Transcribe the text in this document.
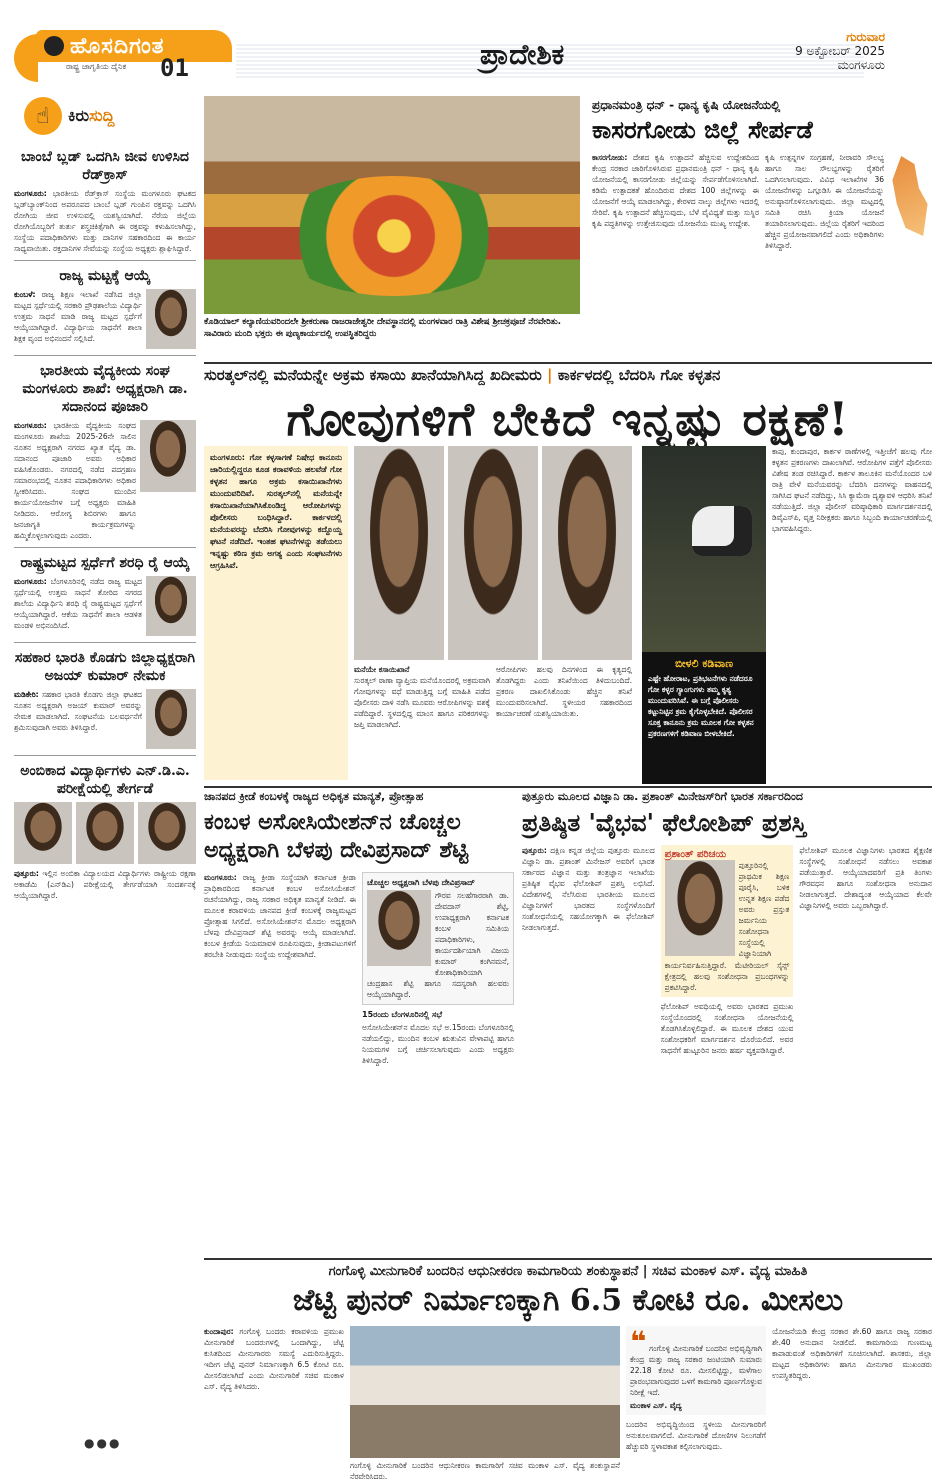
ಹೊಸದಿಗಂತ
ರಾಷ್ಟ್ರ ಜಾಗೃತಿಯ ದೈನಿಕ 01	ಪ್ರಾದೇಶಿಕ
ಗುರುವಾರ
9 ಅಕ್ಟೋಬರ್ 2025
ಮಂಗಳೂರು
☝	ಕಿರುಸುದ್ದಿ
ಬಾಂಬೆ ಬ್ಲಡ್ ಒದಗಿಸಿ ಜೀವ ಉಳಿಸಿದ ರೆಡ್‌ಕ್ರಾಸ್

ಮಂಗಳೂರು: ಭಾರತೀಯ ರೆಡ್‌ಕ್ರಾಸ್ ಸಂಸ್ಥೆಯ ಮಂಗಳೂರು ಘಟಕದ ಬ್ಲಡ್‌ಬ್ಯಾಂಕ್‌ನಿಂದ ಅಪರೂಪದ ಬಾಂಬೆ ಬ್ಲಡ್ ಗುಂಪಿನ ರಕ್ತವನ್ನು ಒದಗಿಸಿ ರೋಗಿಯ ಜೀವ ಉಳಿಸುವಲ್ಲಿ ಯಶಸ್ವಿಯಾಗಿದೆ. ನೆರೆಯ ಜಿಲ್ಲೆಯ ರೋಗಿಯೊಬ್ಬರಿಗೆ ತುರ್ತು ಶಸ್ತ್ರಚಿಕಿತ್ಸೆಗಾಗಿ ಈ ರಕ್ತವನ್ನು ಕಳುಹಿಸಲಾಗಿದ್ದು, ಸಂಸ್ಥೆಯ ಪದಾಧಿಕಾರಿಗಳು ಮತ್ತು ದಾನಿಗಳ ಸಹಕಾರದಿಂದ ಈ ಕಾರ್ಯ ಸಾಧ್ಯವಾಯಿತು. ರಕ್ತದಾನಿಗಳ ಸೇವೆಯನ್ನು ಸಂಸ್ಥೆಯ ಅಧ್ಯಕ್ಷರು ಶ್ಲಾಘಿಸಿದ್ದಾರೆ.

ರಾಜ್ಯ ಮಟ್ಟಕ್ಕೆ ಆಯ್ಕೆ

ಕುಂಬಳೆ: ರಾಜ್ಯ ಶಿಕ್ಷಣ ಇಲಾಖೆ ನಡೆಸಿದ ಜಿಲ್ಲಾ ಮಟ್ಟದ ಸ್ಪರ್ಧೆಯಲ್ಲಿ ಸರಕಾರಿ ಪ್ರೌಢಶಾಲೆಯ ವಿದ್ಯಾರ್ಥಿ ಉತ್ತಮ ಸಾಧನೆ ಮಾಡಿ ರಾಜ್ಯ ಮಟ್ಟದ ಸ್ಪರ್ಧೆಗೆ ಆಯ್ಕೆಯಾಗಿದ್ದಾರೆ. ವಿದ್ಯಾರ್ಥಿಯ ಸಾಧನೆಗೆ ಶಾಲಾ ಶಿಕ್ಷಕ ವೃಂದ ಅಭಿನಂದನೆ ಸಲ್ಲಿಸಿದೆ.

ಭಾರತೀಯ ವೈದ್ಯಕೀಯ ಸಂಘ ಮಂಗಳೂರು ಶಾಖೆ: ಅಧ್ಯಕ್ಷರಾಗಿ ಡಾ. ಸದಾನಂದ ಪೂಜಾರಿ

ಮಂಗಳೂರು: ಭಾರತೀಯ ವೈದ್ಯಕೀಯ ಸಂಘದ ಮಂಗಳೂರು ಶಾಖೆಯ 2025-26ನೇ ಸಾಲಿನ ನೂತನ ಅಧ್ಯಕ್ಷರಾಗಿ ನಗರದ ಖ್ಯಾತ ವೈದ್ಯ ಡಾ. ಸದಾನಂದ ಪೂಜಾರಿ ಅವರು ಅಧಿಕಾರ ವಹಿಸಿಕೊಂಡರು. ನಗರದಲ್ಲಿ ನಡೆದ ಪದಗ್ರಹಣ ಸಮಾರಂಭದಲ್ಲಿ ನೂತನ ಪದಾಧಿಕಾರಿಗಳು ಅಧಿಕಾರ ಸ್ವೀಕರಿಸಿದರು. ಸಂಘದ ಮುಂದಿನ ಕಾರ್ಯಯೋಜನೆಗಳ ಬಗ್ಗೆ ಅಧ್ಯಕ್ಷರು ಮಾಹಿತಿ ನೀಡಿದರು. ಆರೋಗ್ಯ ಶಿಬಿರಗಳು ಹಾಗೂ ಜನಜಾಗೃತಿ ಕಾರ್ಯಕ್ರಮಗಳನ್ನು ಹಮ್ಮಿಕೊಳ್ಳಲಾಗುವುದು ಎಂದರು.

ರಾಷ್ಟ್ರಮಟ್ಟದ ಸ್ಪರ್ಧೆಗೆ ಶರಧಿ ರೈ ಆಯ್ಕೆ

ಮಂಗಳೂರು: ಬೆಂಗಳೂರಿನಲ್ಲಿ ನಡೆದ ರಾಜ್ಯ ಮಟ್ಟದ ಸ್ಪರ್ಧೆಯಲ್ಲಿ ಉತ್ತಮ ಸಾಧನೆ ತೋರಿದ ನಗರದ ಶಾಲೆಯ ವಿದ್ಯಾರ್ಥಿನಿ ಶರಧಿ ರೈ ರಾಷ್ಟ್ರಮಟ್ಟದ ಸ್ಪರ್ಧೆಗೆ ಆಯ್ಕೆಯಾಗಿದ್ದಾರೆ. ಆಕೆಯ ಸಾಧನೆಗೆ ಶಾಲಾ ಆಡಳಿತ ಮಂಡಳಿ ಅಭಿನಂದಿಸಿದೆ.

ಸಹಕಾರ ಭಾರತಿ ಕೊಡಗು ಜಿಲ್ಲಾಧ್ಯಕ್ಷರಾಗಿ ಅಜಯ್ ಕುಮಾರ್ ನೇಮಕ

ಮಡಿಕೇರಿ: ಸಹಕಾರ ಭಾರತಿ ಕೊಡಗು ಜಿಲ್ಲಾ ಘಟಕದ ನೂತನ ಅಧ್ಯಕ್ಷರಾಗಿ ಅಜಯ್ ಕುಮಾರ್ ಅವರನ್ನು ನೇಮಕ ಮಾಡಲಾಗಿದೆ. ಸಂಘಟನೆಯ ಬಲವರ್ಧನೆಗೆ ಶ್ರಮಿಸುವುದಾಗಿ ಅವರು ತಿಳಿಸಿದ್ದಾರೆ.

ಅಂಬಿಕಾದ ವಿದ್ಯಾರ್ಥಿಗಳು ಎನ್.ಡಿ.ಎ. ಪರೀಕ್ಷೆಯಲ್ಲಿ ತೇರ್ಗಡೆ

ಪುತ್ತೂರು: ಇಲ್ಲಿನ ಅಂಬಿಕಾ ವಿದ್ಯಾಲಯದ ವಿದ್ಯಾರ್ಥಿಗಳು ರಾಷ್ಟ್ರೀಯ ರಕ್ಷಣಾ ಅಕಾಡೆಮಿ (ಎನ್‌ಡಿಎ) ಪರೀಕ್ಷೆಯಲ್ಲಿ ತೇರ್ಗಡೆಯಾಗಿ ಸಂದರ್ಶನಕ್ಕೆ ಆಯ್ಕೆಯಾಗಿದ್ದಾರೆ.

●●●
ಕೊಡಿಯಾಲ್ ಕಲ್ಯಾಣಿಯವರಿಂದಲೇ ಶ್ರೀಕರುಣಾ ರಾಜರಾಜೇಶ್ವರೀ ದೇವಸ್ಥಾನದಲ್ಲಿ ಮಂಗಳವಾರ ರಾತ್ರಿ ವಿಶೇಷ ಶ್ರೀಚಕ್ರಪೂಜೆ ನೆರವೇರಿತು. ಸಾವಿರಾರು ಮಂದಿ ಭಕ್ತರು ಈ ಪುಣ್ಯಕಾರ್ಯದಲ್ಲಿ ಉಪಸ್ಥಿತರಿದ್ದರು
ಪ್ರಧಾನಮಂತ್ರಿ ಧನ್ - ಧಾನ್ಯ ಕೃಷಿ ಯೋಜನೆಯಲ್ಲಿ
ಕಾಸರಗೋಡು ಜಿಲ್ಲೆ ಸೇರ್ಪಡೆ

ಕಾಸರಗೋಡು: ದೇಶದ ಕೃಷಿ ಉತ್ಪಾದನೆ ಹೆಚ್ಚಿಸುವ ಉದ್ದೇಶದಿಂದ ಕೇಂದ್ರ ಸರಕಾರ ಜಾರಿಗೊಳಿಸಿರುವ ಪ್ರಧಾನಮಂತ್ರಿ ಧನ್ - ಧಾನ್ಯ ಕೃಷಿ ಯೋಜನೆಯಲ್ಲಿ ಕಾಸರಗೋಡು ಜಿಲ್ಲೆಯನ್ನು ಸೇರ್ಪಡೆಗೊಳಿಸಲಾಗಿದೆ. ಕಡಿಮೆ ಉತ್ಪಾದಕತೆ ಹೊಂದಿರುವ ದೇಶದ 100 ಜಿಲ್ಲೆಗಳನ್ನು ಈ ಯೋಜನೆಗೆ ಆಯ್ಕೆ ಮಾಡಲಾಗಿದ್ದು, ಕೇರಳದ ನಾಲ್ಕು ಜಿಲ್ಲೆಗಳು ಇದರಲ್ಲಿ ಸೇರಿವೆ. ಕೃಷಿ ಉತ್ಪಾದನೆ ಹೆಚ್ಚಿಸುವುದು, ಬೆಳೆ ವೈವಿಧ್ಯತೆ ಮತ್ತು ಸುಸ್ಥಿರ ಕೃಷಿ ಪದ್ಧತಿಗಳನ್ನು ಉತ್ತೇಜಿಸುವುದು ಯೋಜನೆಯ ಮುಖ್ಯ ಉದ್ದೇಶ.

ಕೃಷಿ ಉತ್ಪನ್ನಗಳ ಸಂಗ್ರಹಣೆ, ನೀರಾವರಿ ಸೌಲಭ್ಯ ಹಾಗೂ ಸಾಲ ಸೌಲಭ್ಯಗಳನ್ನು ರೈತರಿಗೆ ಒದಗಿಸಲಾಗುವುದು. ವಿವಿಧ ಇಲಾಖೆಗಳ 36 ಯೋಜನೆಗಳನ್ನು ಒಗ್ಗೂಡಿಸಿ ಈ ಯೋಜನೆಯನ್ನು ಅನುಷ್ಠಾನಗೊಳಿಸಲಾಗುವುದು. ಜಿಲ್ಲಾ ಮಟ್ಟದಲ್ಲಿ ಸಮಿತಿ ರಚಿಸಿ ಕ್ರಿಯಾ ಯೋಜನೆ ತಯಾರಿಸಲಾಗುವುದು. ಜಿಲ್ಲೆಯ ರೈತರಿಗೆ ಇದರಿಂದ ಹೆಚ್ಚಿನ ಪ್ರಯೋಜನವಾಗಲಿದೆ ಎಂದು ಅಧಿಕಾರಿಗಳು ತಿಳಿಸಿದ್ದಾರೆ.

ಸುರತ್ಕಲ್‌ನಲ್ಲಿ ಮನೆಯನ್ನೇ ಅಕ್ರಮ ಕಸಾಯಿ ಖಾನೆಯಾಗಿಸಿದ್ದ ಖದೀಮರು | ಕಾರ್ಕಳದಲ್ಲಿ ಬೆದರಿಸಿ ಗೋ ಕಳ್ಳತನ
ಗೋವುಗಳಿಗೆ ಬೇಕಿದೆ ಇನ್ನಷ್ಟು ರಕ್ಷಣೆ!
ಮಂಗಳೂರು: ಗೋ ಕಳ್ಳಸಾಗಣೆ ನಿಷೇಧ ಕಾನೂನು ಜಾರಿಯಲ್ಲಿದ್ದರೂ ಕೂಡ ಕರಾವಳಿಯ ಹಲವೆಡೆ ಗೋ ಕಳ್ಳತನ ಹಾಗೂ ಅಕ್ರಮ ಕಸಾಯಿಖಾನೆಗಳು ಮುಂದುವರಿದಿವೆ. ಸುರತ್ಕಲ್‌ನಲ್ಲಿ ಮನೆಯನ್ನೇ ಕಸಾಯಿಖಾನೆಯಾಗಿಸಿಕೊಂಡಿದ್ದ ಆರೋಪಿಗಳನ್ನು ಪೊಲೀಸರು ಬಂಧಿಸಿದ್ದಾರೆ. ಕಾರ್ಕಳದಲ್ಲಿ ಮನೆಯವರನ್ನು ಬೆದರಿಸಿ ಗೋವುಗಳನ್ನು ಕದ್ದೊಯ್ದ ಘಟನೆ ನಡೆದಿದೆ. ಇಂತಹ ಘಟನೆಗಳನ್ನು ತಡೆಯಲು ಇನ್ನಷ್ಟು ಕಠಿಣ ಕ್ರಮ ಅಗತ್ಯ ಎಂದು ಸಂಘಟನೆಗಳು ಆಗ್ರಹಿಸಿವೆ.
ಮನೆಯೇ ಕಸಾಯಿಖಾನೆ
ಸುರತ್ಕಲ್ ಠಾಣಾ ವ್ಯಾಪ್ತಿಯ ಮನೆಯೊಂದರಲ್ಲಿ ಅಕ್ರಮವಾಗಿ ಗೋವುಗಳನ್ನು ವಧೆ ಮಾಡುತ್ತಿದ್ದ ಬಗ್ಗೆ ಮಾಹಿತಿ ಪಡೆದ ಪೊಲೀಸರು ದಾಳಿ ನಡೆಸಿ ಮೂವರು ಆರೋಪಿಗಳನ್ನು ವಶಕ್ಕೆ ಪಡೆದಿದ್ದಾರೆ. ಸ್ಥಳದಲ್ಲಿದ್ದ ಮಾಂಸ ಹಾಗೂ ಪರಿಕರಗಳನ್ನು ಜಪ್ತಿ ಮಾಡಲಾಗಿದೆ.
ಆರೋಪಿಗಳು ಹಲವು ದಿನಗಳಿಂದ ಈ ಕೃತ್ಯದಲ್ಲಿ ತೊಡಗಿದ್ದರು ಎಂದು ತನಿಖೆಯಿಂದ ತಿಳಿದುಬಂದಿದೆ. ಪ್ರಕರಣ ದಾಖಲಿಸಿಕೊಂಡು ಹೆಚ್ಚಿನ ತನಿಖೆ ಮುಂದುವರಿಸಲಾಗಿದೆ. ಸ್ಥಳೀಯರ ಸಹಕಾರದಿಂದ ಕಾರ್ಯಾಚರಣೆ ಯಶಸ್ವಿಯಾಯಿತು.
ಬೀಳಲಿ ಕಡಿವಾಣ
ಎಷ್ಟೇ ಹೋರಾಟ, ಪ್ರತಿಭಟನೆಗಳು ನಡೆದರೂ ಗೋ ಕಳ್ಳರ ಗ್ಯಾಂಗುಗಳು ತಮ್ಮ ಕೃತ್ಯ ಮುಂದುವರಿಸಿವೆ. ಈ ಬಗ್ಗೆ ಪೊಲೀಸರು ಕಟ್ಟುನಿಟ್ಟಿನ ಕ್ರಮ ಕೈಗೊಳ್ಳಬೇಕಿದೆ. ಪೊಲೀಸರ ಸೂಕ್ತ ಕಾನೂನು ಕ್ರಮ ಮೂಲಕ ಗೋ ಕಳ್ಳತನ ಪ್ರಕರಣಗಳಿಗೆ ಕಡಿವಾಣ ಬೀಳಬೇಕಿದೆ.
ಕಾಪು, ಕುಂದಾಪುರ, ಕಾರ್ಕಳ ಠಾಣೆಗಳಲ್ಲಿ ಇತ್ತೀಚೆಗೆ ಹಲವು ಗೋ ಕಳ್ಳತನ ಪ್ರಕರಣಗಳು ದಾಖಲಾಗಿವೆ. ಆರೋಪಿಗಳ ಪತ್ತೆಗೆ ಪೊಲೀಸರು ವಿಶೇಷ ತಂಡ ರಚಿಸಿದ್ದಾರೆ. ಕಾರ್ಕಳ ತಾಲೂಕಿನ ಮನೆಯೊಂದರ ಬಳಿ ರಾತ್ರಿ ವೇಳೆ ಮನೆಯವರನ್ನು ಬೆದರಿಸಿ ದನಗಳನ್ನು ವಾಹನದಲ್ಲಿ ಸಾಗಿಸಿದ ಘಟನೆ ನಡೆದಿದ್ದು, ಸಿಸಿ ಕ್ಯಾಮೆರಾ ದೃಶ್ಯಾವಳಿ ಆಧರಿಸಿ ತನಿಖೆ ನಡೆಯುತ್ತಿದೆ. ಜಿಲ್ಲಾ ಪೊಲೀಸ್ ವರಿಷ್ಠಾಧಿಕಾರಿ ಮಾರ್ಗದರ್ಶನದಲ್ಲಿ ಡಿವೈಎಸ್‌ಪಿ, ವೃತ್ತ ನಿರೀಕ್ಷಕರು ಹಾಗೂ ಸಿಬ್ಬಂದಿ ಕಾರ್ಯಾಚರಣೆಯಲ್ಲಿ ಭಾಗವಹಿಸಿದ್ದರು.
ಜಾನಪದ ಕ್ರೀಡೆ ಕಂಬಳಕ್ಕೆ ರಾಜ್ಯದ ಅಧಿಕೃತ ಮಾನ್ಯತೆ, ಪ್ರೋತ್ಸಾಹ
ಕಂಬಳ ಅಸೋಸಿಯೇಶನ್‌ನ ಚೊಚ್ಚಲ ಅಧ್ಯಕ್ಷರಾಗಿ ಬೆಳಪು ದೇವಿಪ್ರಸಾದ್ ಶೆಟ್ಟಿ
ಮಂಗಳೂರು: ರಾಜ್ಯ ಕ್ರೀಡಾ ಸಂಸ್ಥೆಯಾಗಿ ಕರ್ನಾಟಕ ಕ್ರೀಡಾ ಪ್ರಾಧಿಕಾರದಿಂದ ಕರ್ನಾಟಕ ಕಂಬಳ ಅಸೋಸಿಯೇಶನ್ ರಚನೆಯಾಗಿದ್ದು, ರಾಜ್ಯ ಸರಕಾರ ಅಧಿಕೃತ ಮಾನ್ಯತೆ ನೀಡಿದೆ. ಈ ಮೂಲಕ ಕರಾವಳಿಯ ಜಾನಪದ ಕ್ರೀಡೆ ಕಂಬಳಕ್ಕೆ ರಾಜ್ಯಮಟ್ಟದ ಪ್ರೋತ್ಸಾಹ ಸಿಗಲಿದೆ. ಅಸೋಸಿಯೇಶನ್‌ನ ಮೊದಲ ಅಧ್ಯಕ್ಷರಾಗಿ ಬೆಳಪು ದೇವಿಪ್ರಸಾದ್ ಶೆಟ್ಟಿ ಅವರನ್ನು ಆಯ್ಕೆ ಮಾಡಲಾಗಿದೆ. ಕಂಬಳ ಕ್ರೀಡೆಯ ನಿಯಮಾವಳಿ ರೂಪಿಸುವುದು, ಕ್ರೀಡಾಪಟುಗಳಿಗೆ ತರಬೇತಿ ನೀಡುವುದು ಸಂಸ್ಥೆಯ ಉದ್ದೇಶವಾಗಿದೆ.
ಚೊಚ್ಚಲ ಅಧ್ಯಕ್ಷರಾಗಿ ಬೆಳಪು ದೇವಿಪ್ರಸಾದ್
ಗೌರವ ಸಲಹೆಗಾರರಾಗಿ ಡಾ. ದೇವದಾಸ್ ಶೆಟ್ಟಿ, ಉಪಾಧ್ಯಕ್ಷರಾಗಿ ಕರ್ನಾಟಕ ಕಂಬಳ ಸಮಿತಿಯ ಪದಾಧಿಕಾರಿಗಳು, ಕಾರ್ಯದರ್ಶಿಯಾಗಿ ವಿಜಯ ಕುಮಾರ್ ಕಂಗಿನಮನೆ, ಕೋಶಾಧಿಕಾರಿಯಾಗಿ ಚಂದ್ರಹಾಸ ಶೆಟ್ಟಿ ಹಾಗೂ ಸದಸ್ಯರಾಗಿ ಹಲವರು ಆಯ್ಕೆಯಾಗಿದ್ದಾರೆ.
15ರಂದು ಬೆಂಗಳೂರಿನಲ್ಲಿ ಸಭೆ
ಅಸೋಸಿಯೇಶನ್‌ನ ಮೊದಲ ಸಭೆ ಅ.15ರಂದು ಬೆಂಗಳೂರಿನಲ್ಲಿ ನಡೆಯಲಿದ್ದು, ಮುಂದಿನ ಕಂಬಳ ಋತುವಿನ ವೇಳಾಪಟ್ಟಿ ಹಾಗೂ ನಿಯಮಗಳ ಬಗ್ಗೆ ಚರ್ಚಿಸಲಾಗುವುದು ಎಂದು ಅಧ್ಯಕ್ಷರು ತಿಳಿಸಿದ್ದಾರೆ.
ಪುತ್ತೂರು ಮೂಲದ ವಿಜ್ಞಾನಿ ಡಾ. ಪ್ರಶಾಂತ್ ಮಿನೇಜಸ್‌ರಿಗೆ ಭಾರತ ಸರ್ಕಾರದಿಂದ
ಪ್ರತಿಷ್ಠಿತ 'ವೈಭವ' ಫೆಲೋಶಿಪ್ ಪ್ರಶಸ್ತಿ
ಪುತ್ತೂರು: ದಕ್ಷಿಣ ಕನ್ನಡ ಜಿಲ್ಲೆಯ ಪುತ್ತೂರು ಮೂಲದ ವಿಜ್ಞಾನಿ ಡಾ. ಪ್ರಶಾಂತ್ ಮಿನೇಜಸ್ ಅವರಿಗೆ ಭಾರತ ಸರ್ಕಾರದ ವಿಜ್ಞಾನ ಮತ್ತು ತಂತ್ರಜ್ಞಾನ ಇಲಾಖೆಯ ಪ್ರತಿಷ್ಠಿತ ವೈಭವ ಫೆಲೋಶಿಪ್ ಪ್ರಶಸ್ತಿ ಲಭಿಸಿದೆ. ವಿದೇಶಗಳಲ್ಲಿ ನೆಲೆಸಿರುವ ಭಾರತೀಯ ಮೂಲದ ವಿಜ್ಞಾನಿಗಳಿಗೆ ಭಾರತದ ಸಂಸ್ಥೆಗಳೊಂದಿಗೆ ಸಂಶೋಧನೆಯಲ್ಲಿ ಸಹಯೋಗಕ್ಕಾಗಿ ಈ ಫೆಲೋಶಿಪ್ ನೀಡಲಾಗುತ್ತದೆ.
ಪ್ರಶಾಂತ್ ಪರಿಚಯ
ಪುತ್ತೂರಿನಲ್ಲಿ ಪ್ರಾಥಮಿಕ ಶಿಕ್ಷಣ ಪೂರೈಸಿ, ಬಳಿಕ ಉನ್ನತ ಶಿಕ್ಷಣ ಪಡೆದ ಅವರು ಪ್ರಸ್ತುತ ಜರ್ಮನಿಯ ಸಂಶೋಧನಾ ಸಂಸ್ಥೆಯಲ್ಲಿ ವಿಜ್ಞಾನಿಯಾಗಿ ಕಾರ್ಯನಿರ್ವಹಿಸುತ್ತಿದ್ದಾರೆ. ಮೆಟೀರಿಯಲ್ ಸೈನ್ಸ್ ಕ್ಷೇತ್ರದಲ್ಲಿ ಹಲವು ಸಂಶೋಧನಾ ಪ್ರಬಂಧಗಳನ್ನು ಪ್ರಕಟಿಸಿದ್ದಾರೆ.
ಫೆಲೋಶಿಪ್ ಅವಧಿಯಲ್ಲಿ ಅವರು ಭಾರತದ ಪ್ರಮುಖ ಸಂಸ್ಥೆಯೊಂದರಲ್ಲಿ ಸಂಶೋಧನಾ ಯೋಜನೆಯಲ್ಲಿ ತೊಡಗಿಸಿಕೊಳ್ಳಲಿದ್ದಾರೆ. ಈ ಮೂಲಕ ದೇಶದ ಯುವ ಸಂಶೋಧಕರಿಗೆ ಮಾರ್ಗದರ್ಶನ ದೊರೆಯಲಿದೆ. ಅವರ ಸಾಧನೆಗೆ ಹುಟ್ಟೂರಿನ ಜನರು ಹರ್ಷ ವ್ಯಕ್ತಪಡಿಸಿದ್ದಾರೆ.
ಫೆಲೋಶಿಪ್ ಮೂಲಕ ವಿಜ್ಞಾನಿಗಳು ಭಾರತದ ಶೈಕ್ಷಣಿಕ ಸಂಸ್ಥೆಗಳಲ್ಲಿ ಸಂಶೋಧನೆ ನಡೆಸಲು ಅವಕಾಶ ಪಡೆಯುತ್ತಾರೆ. ಆಯ್ಕೆಯಾದವರಿಗೆ ಪ್ರತಿ ತಿಂಗಳು ಗೌರವಧನ ಹಾಗೂ ಸಂಶೋಧನಾ ಅನುದಾನ ನೀಡಲಾಗುತ್ತದೆ. ದೇಶಾದ್ಯಂತ ಆಯ್ಕೆಯಾದ ಕೆಲವೇ ವಿಜ್ಞಾನಿಗಳಲ್ಲಿ ಅವರು ಒಬ್ಬರಾಗಿದ್ದಾರೆ.
ಗಂಗೊಳ್ಳಿ ಮೀನುಗಾರಿಕೆ ಬಂದರಿನ ಆಧುನೀಕರಣ ಕಾಮಗಾರಿಯ ಶಂಕುಸ್ಥಾಪನೆ | ಸಚಿವ ಮಂಕಾಳ ಎಸ್. ವೈದ್ಯ ಮಾಹಿತಿ
ಜೆಟ್ಟಿ ಪುನರ್ ನಿರ್ಮಾಣಕ್ಕಾಗಿ 6.5 ಕೋಟಿ ರೂ. ಮೀಸಲು
ಕುಂದಾಪುರ: ಗಂಗೊಳ್ಳಿ ಬಂದರು ಕರಾವಳಿಯ ಪ್ರಮುಖ ಮೀನುಗಾರಿಕೆ ಬಂದರುಗಳಲ್ಲಿ ಒಂದಾಗಿದ್ದು, ಜೆಟ್ಟಿ ಕುಸಿತದಿಂದ ಮೀನುಗಾರರು ಸಮಸ್ಯೆ ಎದುರಿಸುತ್ತಿದ್ದರು. ಇದೀಗ ಜೆಟ್ಟಿ ಪುನರ್ ನಿರ್ಮಾಣಕ್ಕಾಗಿ 6.5 ಕೋಟಿ ರೂ. ಮೀಸಲಿಡಲಾಗಿದೆ ಎಂದು ಮೀನುಗಾರಿಕೆ ಸಚಿವ ಮಂಕಾಳ ಎಸ್. ವೈದ್ಯ ತಿಳಿಸಿದರು.
ಗಂಗೊಳ್ಳಿ ಮೀನುಗಾರಿಕೆ ಬಂದರಿನ ಆಧುನೀಕರಣ ಕಾಮಗಾರಿಗೆ ಸಚಿವ ಮಂಕಾಳ ಎಸ್. ವೈದ್ಯ ಶಂಕುಸ್ಥಾಪನೆ ನೆರವೇರಿಸಿದರು.
❝ ಗಂಗೊಳ್ಳಿ ಮೀನುಗಾರಿಕೆ ಬಂದರಿನ ಅಭಿವೃದ್ಧಿಗಾಗಿ ಕೇಂದ್ರ ಮತ್ತು ರಾಜ್ಯ ಸರಕಾರ ಜಂಟಿಯಾಗಿ ಸುಮಾರು 22.18 ಕೋಟಿ ರೂ. ಮೀಸಲಿಟ್ಟಿದ್ದು, ಮಳೆಗಾಲ ಪ್ರಾರಂಭವಾಗುವುದರ ಒಳಗೆ ಕಾಮಗಾರಿ ಪೂರ್ಣಗೊಳ್ಳುವ ನಿರೀಕ್ಷೆ ಇದೆ.
ಮಂಕಾಳ ಎಸ್. ವೈದ್ಯ
ಬಂದರಿನ ಅಭಿವೃದ್ಧಿಯಿಂದ ಸ್ಥಳೀಯ ಮೀನುಗಾರರಿಗೆ ಅನುಕೂಲವಾಗಲಿದೆ. ಮೀನುಗಾರಿಕೆ ದೋಣಿಗಳ ನಿಲುಗಡೆಗೆ ಹೆಚ್ಚುವರಿ ಸ್ಥಳಾವಕಾಶ ಕಲ್ಪಿಸಲಾಗುವುದು.
ಯೋಜನೆಯಡಿ ಕೇಂದ್ರ ಸರಕಾರ ಶೇ.60 ಹಾಗೂ ರಾಜ್ಯ ಸರಕಾರ ಶೇ.40 ಅನುದಾನ ನೀಡಲಿದೆ. ಕಾಮಗಾರಿಯ ಗುಣಮಟ್ಟ ಕಾಪಾಡುವಂತೆ ಅಧಿಕಾರಿಗಳಿಗೆ ಸೂಚಿಸಲಾಗಿದೆ. ಶಾಸಕರು, ಜಿಲ್ಲಾ ಮಟ್ಟದ ಅಧಿಕಾರಿಗಳು ಹಾಗೂ ಮೀನುಗಾರ ಮುಖಂಡರು ಉಪಸ್ಥಿತರಿದ್ದರು.
